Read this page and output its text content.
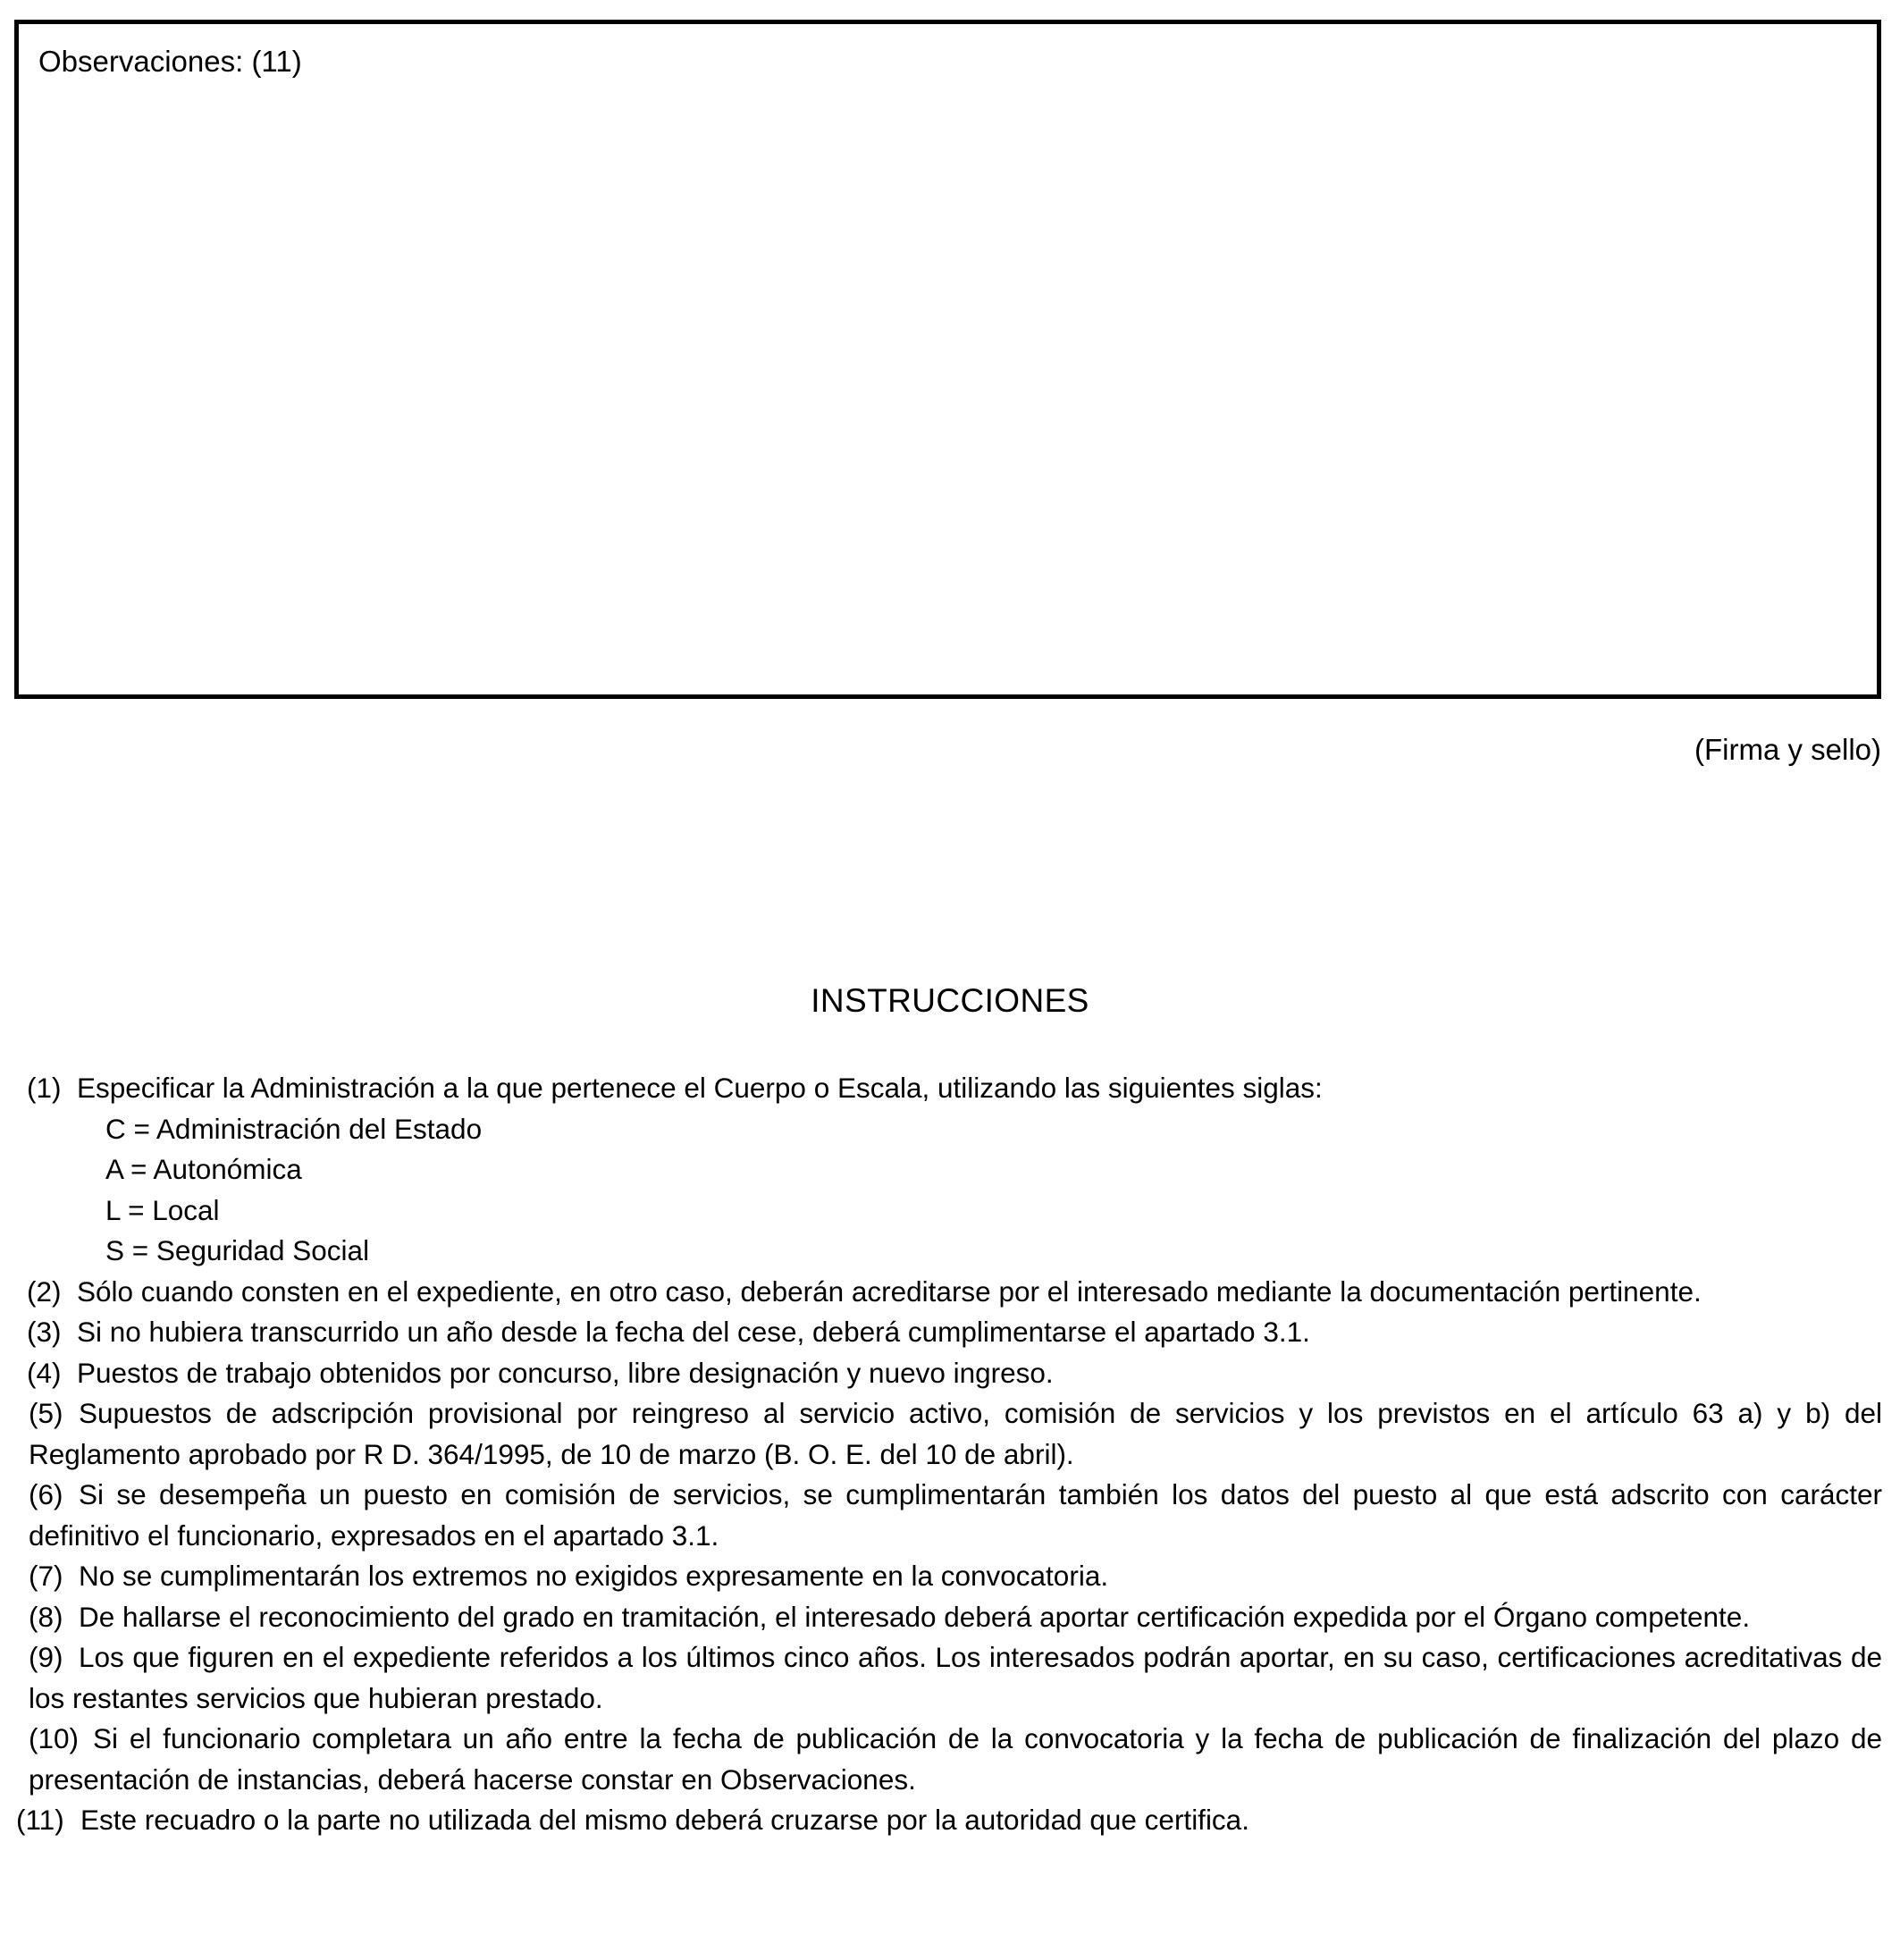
Observaciones: (11)
(Firma y sello)
INSTRUCCIONES
(1) Especificar la Administración a la que pertenece el Cuerpo o Escala, utilizando las siguientes siglas:
C = Administración del Estado
A = Autonómica
L = Local
S = Seguridad Social
(2) Sólo cuando consten en el expediente, en otro caso, deberán acreditarse por el interesado mediante la documentación pertinente.
(3) Si no hubiera transcurrido un año desde la fecha del cese, deberá cumplimentarse el apartado 3.1.
(4) Puestos de trabajo obtenidos por concurso, libre designación y nuevo ingreso.
(5) Supuestos de adscripción provisional por reingreso al servicio activo, comisión de servicios y los previstos en el artículo 63 a) y b) del Reglamento aprobado por R D. 364/1995, de 10 de marzo (B. O. E. del 10 de abril).
(6) Si se desempeña un puesto en comisión de servicios, se cumplimentarán también los datos del puesto al que está adscrito con carácter definitivo el funcionario, expresados en el apartado 3.1.
(7) No se cumplimentarán los extremos no exigidos expresamente en la convocatoria.
(8) De hallarse el reconocimiento del grado en tramitación, el interesado deberá aportar certificación expedida por el Órgano competente.
(9) Los que figuren en el expediente referidos a los últimos cinco años. Los interesados podrán aportar, en su caso, certificaciones acreditativas de los restantes servicios que hubieran prestado.
(10) Si el funcionario completara un año entre la fecha de publicación de la convocatoria y la fecha de publicación de finalización del plazo de presentación de instancias, deberá hacerse constar en Observaciones.
(11) Este recuadro o la parte no utilizada del mismo deberá cruzarse por la autoridad que certifica.
